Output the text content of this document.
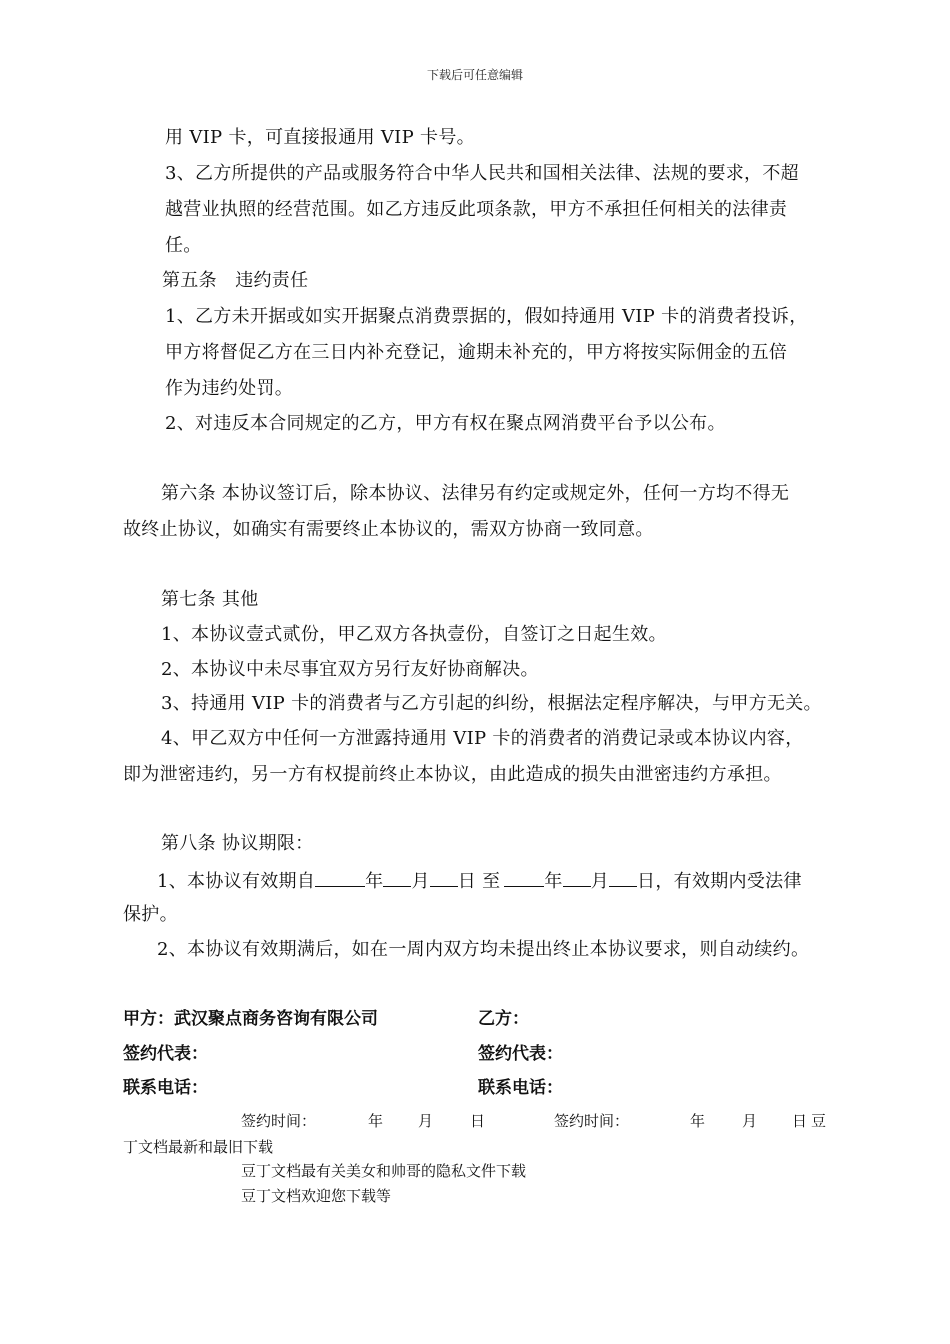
下载后可任意编辑
用 VIP 卡，可直接报通用 VIP 卡号。
3、乙方所提供的产品或服务符合中华人民共和国相关法律、法规的要求，不超
越营业执照的经营范围。如乙方违反此项条款，甲方不承担任何相关的法律责
任。
第五条　违约责任
1、乙方未开据或如实开据聚点消费票据的，假如持通用 VIP 卡的消费者投诉，
甲方将督促乙方在三日内补充登记，逾期未补充的，甲方将按实际佣金的五倍
作为违约处罚。
2、对违反本合同规定的乙方，甲方有权在聚点网消费平台予以公布。
第六条 本协议签订后，除本协议、法律另有约定或规定外，任何一方均不得无
故终止协议，如确实有需要终止本协议的，需双方协商一致同意。
第七条 其他
1、本协议壹式贰份，甲乙双方各执壹份，自签订之日起生效。
2、本协议中未尽事宜双方另行友好协商解决。
3、持通用 VIP 卡的消费者与乙方引起的纠纷，根据法定程序解决，与甲方无关。
4、甲乙双方中任何一方泄露持通用 VIP 卡的消费者的消费记录或本协议内容，
即为泄密违约，另一方有权提前终止本协议，由此造成的损失由泄密违约方承担。
第八条 协议期限：
1、本协议有效期自	年 月 日 至 年 月 日，有效期内受法律
保护。
2、本协议有效期满后，如在一周内双方均未提出终止本协议要求，则自动续约。
甲方：武汉聚点商务咨询有限公司	乙方：
签约代表：	签约代表：
联系电话：	联系电话：
签约时间：	年 月 日	签约时间：	年 月 日 豆
丁文档最新和最旧下载
豆丁文档最有关美女和帅哥的隐私文件下载
豆丁文档欢迎您下载等
